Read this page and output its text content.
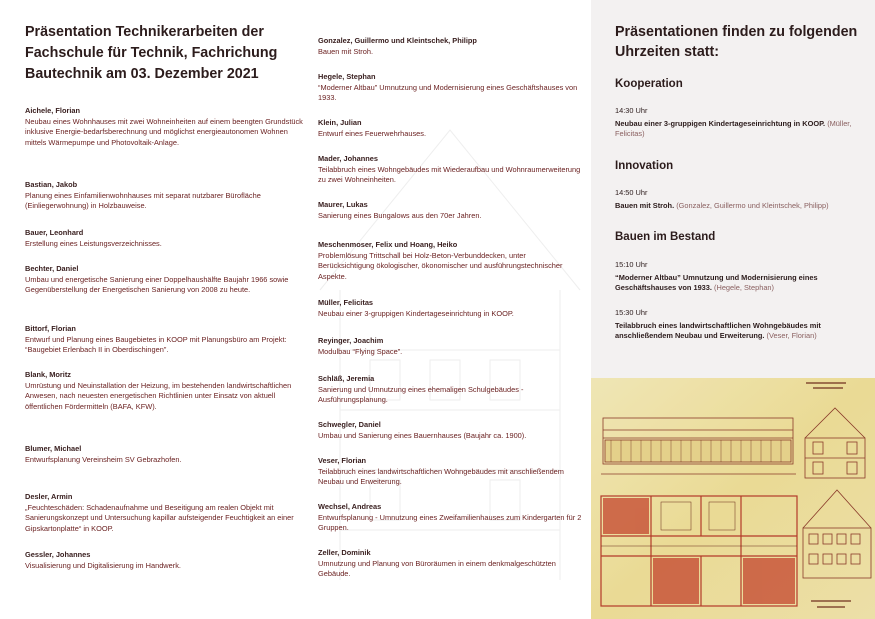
Präsentation Technikerarbeiten der Fachschule für Technik, Fachrichung Bautechnik am 03. Dezember 2021
Aichele, Florian
Neubau eines Wohnhauses mit zwei Wohneinheiten auf einem beengten Grundstück inklusive Energie-bedarfsberechnung und möglichst energieautonomen Wohnen mittels Wärmepumpe und Photovoltaik-Anlage.
Bastian, Jakob
Planung eines Einfamilienwohnhauses mit separat nutzbarer Bürofläche (Einliegerwohnung) in Holzbauweise.
Bauer, Leonhard
Erstellung eines Leistungsverzeichnisses.
Bechter, Daniel
Umbau und energetische Sanierung einer Doppelhaushälfte Baujahr 1966 sowie Gegenüberstellung der Energetischen Sanierung von 2008 zu heute.
Bittorf, Florian
Entwurf und Planung eines Baugebietes in KOOP mit Planungsbüro am Projekt: “Baugebiet Erlenbach II in Oberdischingen”.
Blank, Moritz
Umrüstung und Neuinstallation der Heizung, im bestehenden landwirtschaftlichen Anwesen, nach neuesten energetischen Richtlinien unter Einsatz von aktuell öffentlichen Fördermitteln (BAFA, KFW).
Blumer, Michael
Entwurfsplanung Vereinsheim SV Gebrazhofen.
Desler, Armin
„Feuchteschäden: Schadenaufnahme und Beseitigung am realen Objekt mit Sanierungskonzept und Untersuchung kapillar aufsteigender Feuchtigkeit an einer Gipskartonplatte“ in KOOP.
Gessler, Johannes
Visualisierung und Digitalisierung im Handwerk.
Gonzalez, Guillermo und Kleintschek, Philipp
Bauen mit Stroh.
Hegele, Stephan
“Moderner Altbau” Umnutzung und Modernisierung eines Geschäftshauses von 1933.
Klein, Julian
Entwurf eines Feuerwehrhauses.
Mader, Johannes
Teilabbruch eines Wohngebäudes mit Wiederaufbau und Wohnraumerweiterung zu zwei Wohneinheiten.
Maurer, Lukas
Sanierung eines Bungalows aus den 70er Jahren.
Meschenmoser, Felix und Hoang, Heiko
Problemlösung Trittschall bei Holz-Beton-Verbunddecken, unter Berücksichtigung ökologischer, ökonomischer und ausführungstechnischer Aspekte.
Müller, Felicitas
Neubau einer 3-gruppigen Kindertageseinrichtung in KOOP.
Reyinger, Joachim
Modulbau “Flying Space”.
Schläß, Jeremia
Sanierung und Umnutzung eines ehemaligen Schulgebäudes - Ausführungsplanung.
Schwegler, Daniel
Umbau und Sanierung eines Bauernhauses (Baujahr ca. 1900).
Veser, Florian
Teilabbruch eines landwirtschaftlichen Wohngebäudes mit anschließendem Neubau und Erweiterung.
Wechsel, Andreas
Entwurfsplanung - Umnutzung eines Zweifamilienhauses zum Kindergarten für 2 Gruppen.
Zeller, Dominik
Umnutzung und Planung von Büroräumen in einem denkmalgeschützten Gebäude.
Präsentationen finden zu folgenden Uhrzeiten statt:
Kooperation
14:30 Uhr
Neubau einer 3-gruppigen Kindertageseinrichtung in KOOP. (Müller, Felicitas)
Innovation
14:50 Uhr
Bauen mit Stroh. (Gonzalez, Guillermo und Kleintschek, Philipp)
Bauen im Bestand
15:10 Uhr
“Moderner Altbau” Umnutzung und Modernisierung eines Geschäftshauses von 1933. (Hegele, Stephan)
15:30 Uhr
Teilabbruch eines landwirtschaftlichen Wohngebäudes mit anschließendem Neubau und Erweiterung. (Veser, Florian)
